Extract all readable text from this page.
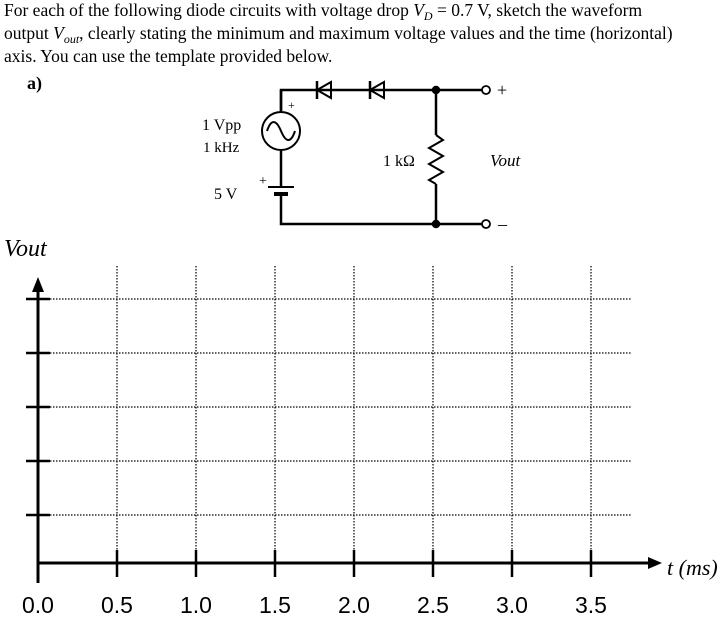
For each of the following diode circuits with voltage drop $V_D = 0.7$ V, sketch the waveform
output $V_{out}$, clearly stating the minimum and maximum voltage values and the time (horizontal)
axis. You can use the template provided below.
a)
+
+
1 Vpp
1 kHz
5 V
1 kΩ	Vout
+
–
Vout
0.0 0.5 1.0 1.5 2.0 2.5 3.0 3.5
t (ms)
